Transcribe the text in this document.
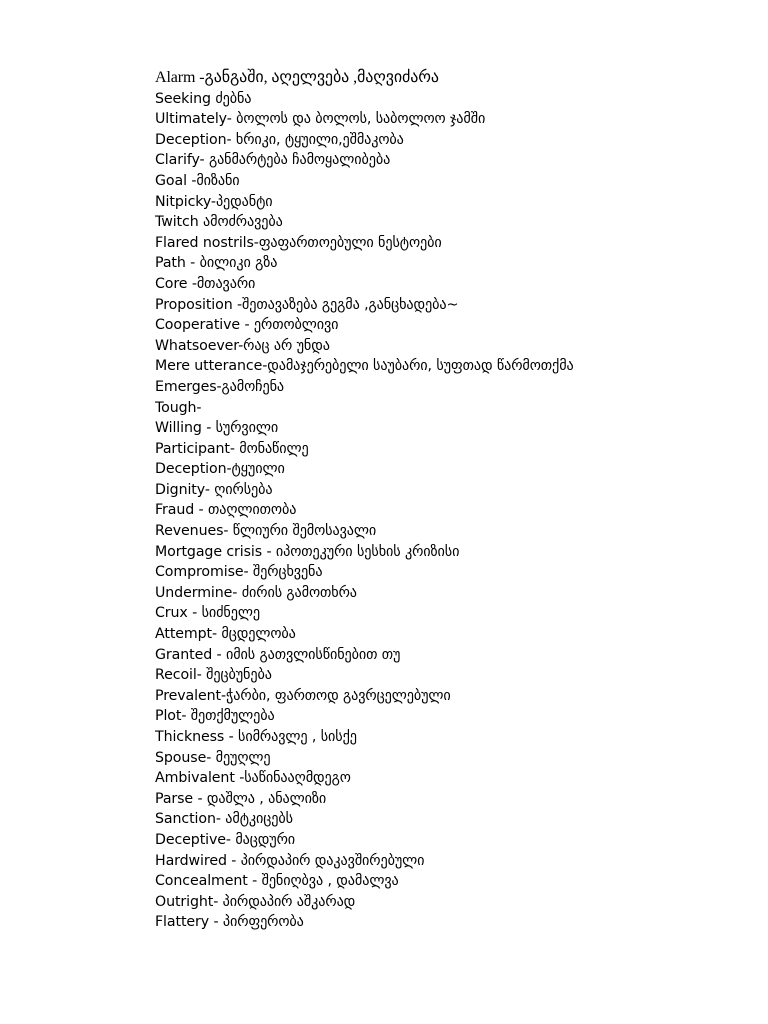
Alarm -განგაში, აღელვება ,მაღვიძარა
Seeking ძებნა
Ultimately- ბოლოს და ბოლოს, საბოლოო ჯამში
Deception- ხრიკი, ტყუილი,ეშმაკობა
Clarify- განმარტება ჩამოყალიბება
Goal -მიზანი
Nitpicky-პედანტი
Twitch ამოძრავება
Flared nostrils-ფაფართოებული ნესტოები
Path - ბილიკი გზა
Core -მთავარი
Proposition -შეთავაზება გეგმა ,განცხადება~
Cooperative - ერთობლივი
Whatsoever-რაც არ უნდა
Mere utterance-დამაჯერებელი საუბარი, სუფთად წარმოთქმა
Emerges-გამოჩენა
Tough-
Willing - სურვილი
Participant- მონაწილე
Deception-ტყუილი
Dignity- ღირსება
Fraud - თაღლითობა
Revenues- წლიური შემოსავალი
Mortgage crisis - იპოთეკური სესხის კრიზისი
Compromise- შერცხვენა
Undermine- ძირის გამოთხრა
Crux - სიძნელე
Attempt- მცდელობა
Granted - იმის გათვლისწინებით თუ
Recoil- შეცბუნება
Prevalent-ჭარბი, ფართოდ გავრცელებული
Plot- შეთქმულება
Thickness - სიმრავლე , სისქე
Spouse- მეუღლე
Ambivalent -საწინააღმდეგო
Parse - დაშლა , ანალიზი
Sanction- ამტკიცებს
Deceptive- მაცდური
Hardwired - პირდაპირ დაკავშირებული
Concealment - შენიღბვა , დამალვა
Outright- პირდაპირ აშკარად
Flattery - პირფერობა
